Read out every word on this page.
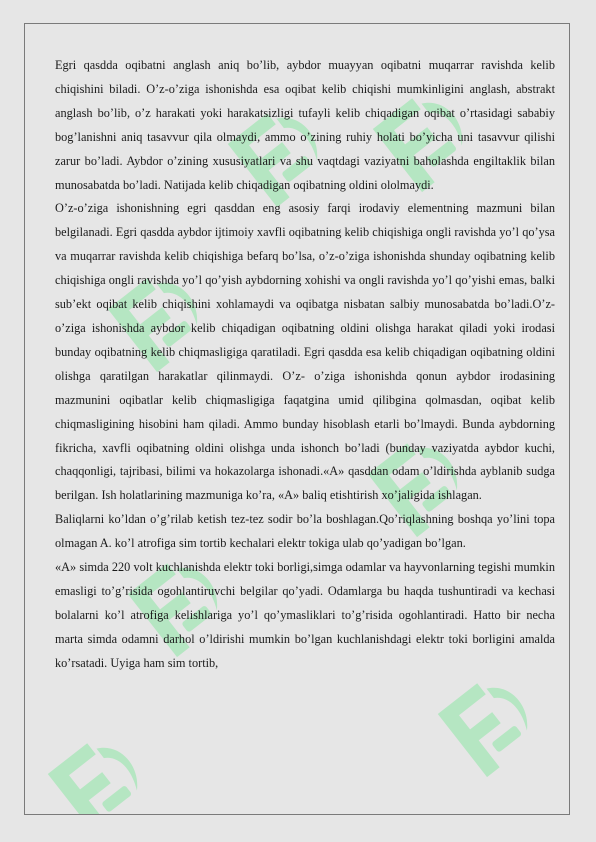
Egri qasdda oqibatni anglash aniq bo’lib, aybdor muayyan oqibatni muqarrar ravishda kelib chiqishini biladi. O’z-o’ziga ishonishda esa oqibat kelib chiqishi mumkinligini anglash, abstrakt anglash bo’lib, o’z harakati yoki harakatsizligi tufayli kelib chiqadigan oqibat o’rtasidagi sababiy bog’lanishni aniq tasavvur qila olmaydi, ammo o’zining ruhiy holati bo’yicha uni tasavvur qilishi zarur bo’ladi. Aybdor o’zining xususiyatlari va shu vaqtdagi vaziyatni baholashda engiltaklik bilan munosabatda bo’ladi. Natijada kelib chiqadigan oqibatning oldini ololmaydi.

O’z-o’ziga ishonishning egri qasddan eng asosiy farqi irodaviy elementning mazmuni bilan belgilanadi. Egri qasdda aybdor ijtimoiy xavfli oqibatning kelib chiqishiga ongli ravishda yo’l qo’ysa va muqarrar ravishda kelib chiqishiga befarq bo’lsa, o’z-o’ziga ishonishda shunday oqibatning kelib chiqishiga ongli ravishda yo’l qo’yish aybdorning xohishi va ongli ravishda yo’l qo’yishi emas, balki sub’ekt oqibat kelib chiqishini xohlamaydi va oqibatga nisbatan salbiy munosabatda bo’ladi.O’z-o’ziga ishonishda aybdor kelib chiqadigan oqibatning oldini olishga harakat qiladi yoki irodasi bunday oqibatning kelib chiqmasligiga qaratiladi. Egri qasdda esa kelib chiqadigan oqibatning oldini olishga qaratilgan harakatlar qilinmaydi. O’z- o’ziga ishonishda qonun aybdor irodasining mazmunini oqibatlar kelib chiqmasligiga faqatgina umid qilibgina qolmasdan, oqibat kelib chiqmasligining hisobini ham qiladi. Ammo bunday hisoblash etarli bo’lmaydi. Bunda aybdorning fikricha, xavfli oqibatning oldini olishga unda ishonch bo’ladi (bunday vaziyatda aybdor kuchi, chaqqonligi, tajribasi, bilimi va hokazolarga ishonadi.«A» qasddan odam o’ldirishda ayblanib sudga berilgan. Ish holatlarining mazmuniga ko’ra, «A» baliq etishtirish xo’jaligida ishlagan.

Baliqlarni ko’ldan o’g’rilab ketish tez-tez sodir bo’la boshlagan.Qo’riqlashning boshqa yo’lini topa olmagan A. ko’l atrofiga sim tortib kechalari elektr tokiga ulab qo’yadigan bo’lgan.

«A» simda 220 volt kuchlanishda elektr toki borligi,simga odamlar va hayvonlarning tegishi mumkin emasligi to’g’risida ogohlantiruvchi belgilar qo’yadi. Odamlarga bu haqda tushuntiradi va kechasi bolalarni ko’l atrofiga kelishlariga yo’l qo’ymasliklari to’g’risida ogohlantiradi. Hatto bir necha marta simda odamni darhol o’ldirishi mumkin bo’lgan kuchlanishdagi elektr toki borligini amalda ko’rsatadi. Uyiga ham sim tortib,
